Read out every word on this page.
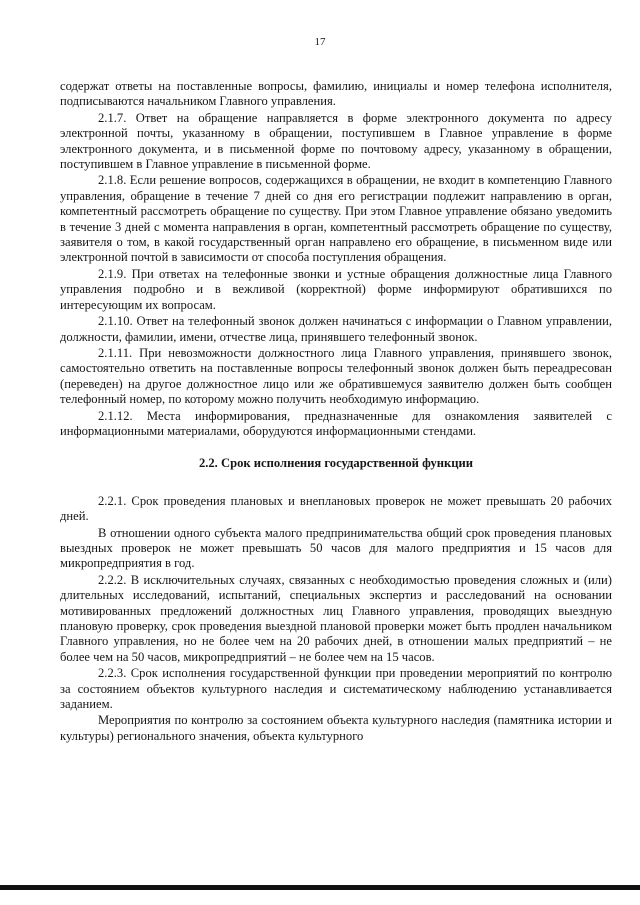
17

содержат ответы на поставленные вопросы, фамилию, инициалы и номер телефона исполнителя, подписываются начальником Главного управления.

2.1.7. Ответ на обращение направляется в форме электронного документа по адресу электронной почты, указанному в обращении, поступившем в Главное управление в форме электронного документа, и в письменной форме по почтовому адресу, указанному в обращении, поступившем в Главное управление в письменной форме.

2.1.8. Если решение вопросов, содержащихся в обращении, не входит в компетенцию Главного управления, обращение в течение 7 дней со дня его регистрации подлежит направлению в орган, компетентный рассмотреть обращение по существу. При этом Главное управление обязано уведомить в течение 3 дней с момента направления в орган, компетентный рассмотреть обращение по существу, заявителя о том, в какой государственный орган направлено его обращение, в письменном виде или электронной почтой в зависимости от способа поступления обращения.

2.1.9. При ответах на телефонные звонки и устные обращения должностные лица Главного управления подробно и в вежливой (корректной) форме информируют обратившихся по интересующим их вопросам.

2.1.10. Ответ на телефонный звонок должен начинаться с информации о Главном управлении, должности, фамилии, имени, отчестве лица, принявшего телефонный звонок.

2.1.11. При невозможности должностного лица Главного управления, принявшего звонок, самостоятельно ответить на поставленные вопросы телефонный звонок должен быть переадресован (переведен) на другое должностное лицо или же обратившемуся заявителю должен быть сообщен телефонный номер, по которому можно получить необходимую информацию.

2.1.12. Места информирования, предназначенные для ознакомления заявителей с информационными материалами, оборудуются информационными стендами.

2.2. Срок исполнения государственной функции

2.2.1. Срок проведения плановых и внеплановых проверок не может превышать 20 рабочих дней.

В отношении одного субъекта малого предпринимательства общий срок проведения плановых выездных проверок не может превышать 50 часов для малого предприятия и 15 часов для микропредприятия в год.

2.2.2. В исключительных случаях, связанных с необходимостью проведения сложных и (или) длительных исследований, испытаний, специальных экспертиз и расследований на основании мотивированных предложений должностных лиц Главного управления, проводящих выездную плановую проверку, срок проведения выездной плановой проверки может быть продлен начальником Главного управления, но не более чем на 20 рабочих дней, в отношении малых предприятий – не более чем на 50 часов, микропредприятий – не более чем на 15 часов.

2.2.3. Срок исполнения государственной функции при проведении мероприятий по контролю за состоянием объектов культурного наследия и систематическому наблюдению устанавливается заданием.

Мероприятия по контролю за состоянием объекта культурного наследия (памятника истории и культуры) регионального значения, объекта культурного
